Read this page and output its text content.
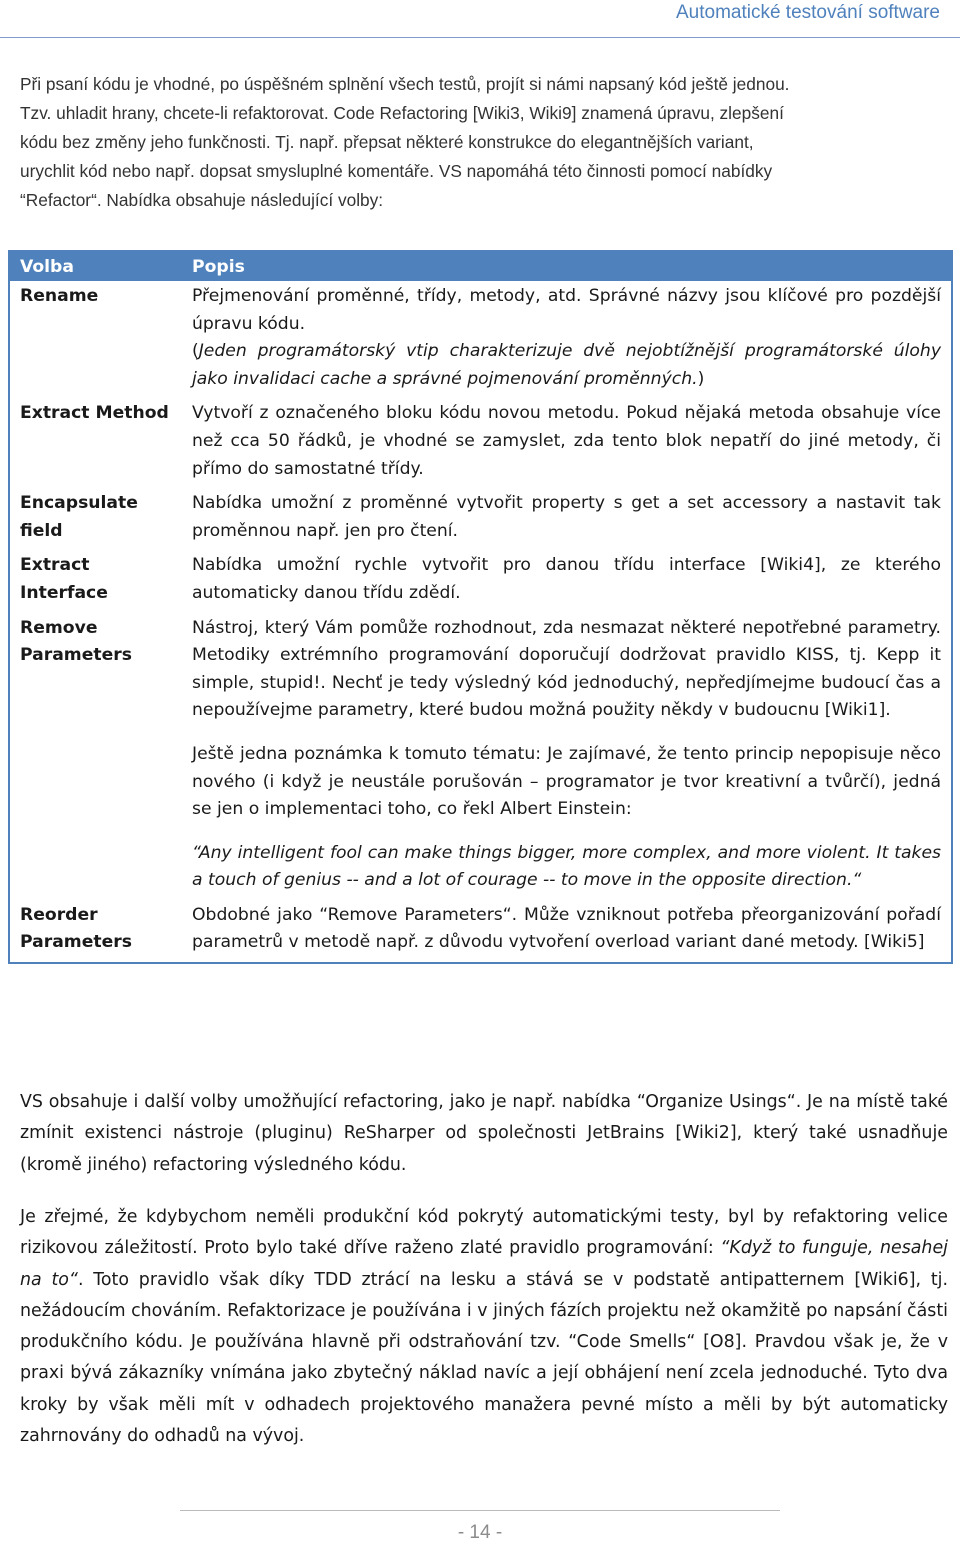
Automatické testování software

Při psaní kódu je vhodné, po úspěšném splnění všech testů, projít si námi napsaný kód ještě jednou.
Tzv. uhladit hrany, chcete-li refaktorovat. Code Refactoring [Wiki3, Wiki9] znamená úpravu, zlepšení
kódu bez změny jeho funkčnosti. Tj. např. přepsat některé konstrukce do elegantnějších variant,
urychlit kód nebo např. dopsat smysluplné komentáře. VS napomáhá této činnosti pomocí nabídky
“Refactor“. Nabídka obsahuje následující volby:

Volba	Popis
Rename	Přejmenování proměnné, třídy, metody, atd. Správné názvy jsou klíčové pro pozdější úpravu kódu.
(Jeden programátorský vtip charakterizuje dvě nejobtížnější programátorské úlohy jako invalidaci cache a správné pojmenování proměnných.)
Extract Method	Vytvoří z označeného bloku kódu novou metodu. Pokud nějaká metoda obsahuje více než cca 50 řádků, je vhodné se zamyslet, zda tento blok nepatří do jiné metody, či přímo do samostatné třídy.
Encapsulate field	Nabídka umožní z proměnné vytvořit property s get a set accessory a nastavit tak proměnnou např. jen pro čtení.
Extract Interface	Nabídka umožní rychle vytvořit pro danou třídu interface [Wiki4], ze kterého automaticky danou třídu zdědí.
Remove Parameters	Nástroj, který Vám pomůže rozhodnout, zda nesmazat některé nepotřebné parametry. Metodiky extrémního programování doporučují dodržovat pravidlo KISS, tj. Kepp it simple, stupid!. Nechť je tedy výsledný kód jednoduchý, nepředjímejme budoucí čas a nepoužívejme parametry, které budou možná použity někdy v budoucnu [Wiki1].
Ještě jedna poznámka k tomuto tématu: Je zajímavé, že tento princip nepopisuje něco nového (i když je neustále porušován – programator je tvor kreativní a tvůrčí), jedná se jen o implementaci toho, co řekl Albert Einstein:
“Any intelligent fool can make things bigger, more complex, and more violent. It takes a touch of genius -- and a lot of courage -- to move in the opposite direction.“

Reorder Parameters	Obdobné jako “Remove Parameters“. Může vzniknout potřeba přeorganizování pořadí parametrů v metodě např. z důvodu vytvoření overload variant dané metody. [Wiki5]

VS obsahuje i další volby umožňující refactoring, jako je např. nabídka “Organize Usings“. Je na místě také zmínit existenci nástroje (pluginu) ReSharper od společnosti JetBrains [Wiki2], který také usnadňuje (kromě jiného) refactoring výsledného kódu.

Je zřejmé, že kdybychom neměli produkční kód pokrytý automatickými testy, byl by refaktoring velice rizikovou záležitostí. Proto bylo také dříve raženo zlaté pravidlo programování: “Když to funguje, nesahej na to“. Toto pravidlo však díky TDD ztrácí na lesku a stává se v podstatě antipatternem [Wiki6], tj. nežádoucím chováním. Refaktorizace je používána i v jiných fázích projektu než okamžitě po napsání části produkčního kódu. Je používána hlavně při odstraňování tzv. “Code Smells“ [O8]. Pravdou však je, že v praxi bývá zákazníky vnímána jako zbytečný náklad navíc a její obhájení není zcela jednoduché. Tyto dva kroky by však měli mít v odhadech projektového manažera pevné místo a měli by být automaticky zahrnovány do odhadů na vývoj.

- 14 -
